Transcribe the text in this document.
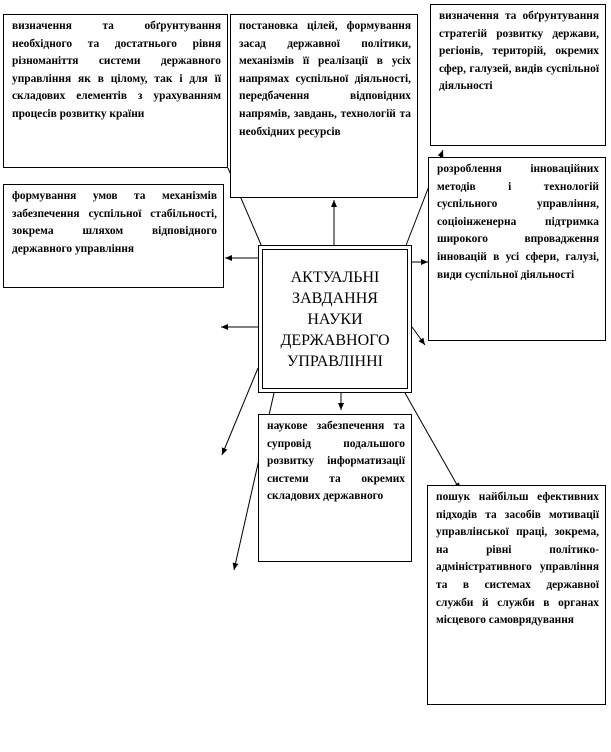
визначення та обґрунтування необхідного та достатнього рівня різноманіття системи державного управління як в цілому, так і для її складових елементів з урахуванням процесів розвитку країни
постановка цілей, формування засад державної політики, механізмів її реалізації в усіх напрямах суспільної діяльності, передбачення відповідних напрямів, завдань, технологій та необхідних ресурсів
визначення та обґрунтування стратегій розвитку держави, регіонів, територій, окремих сфер, галузей, видів суспільної діяльності
формування умов та механізмів забезпечення суспільної стабільності, зокрема шляхом відповідного державного управління
розроблення інноваційних методів і технологій суспільного управління, соціоінженерна підтримка широкого впровадження інновацій в усі сфери, галузі, види суспільної діяльності
АКТУАЛЬНІ ЗАВДАННЯ НАУКИ ДЕРЖАВНОГО УПРАВЛІННІ
наукове забезпечення та супровід подальшого розвитку інформатизації системи та окремих складових державного	пошук найбільш ефективних підходів та засобів мотивації управлінської праці, зокрема, на рівні політико-адміністративного управління та в системах державної служби й служби в органах місцевого самоврядування
